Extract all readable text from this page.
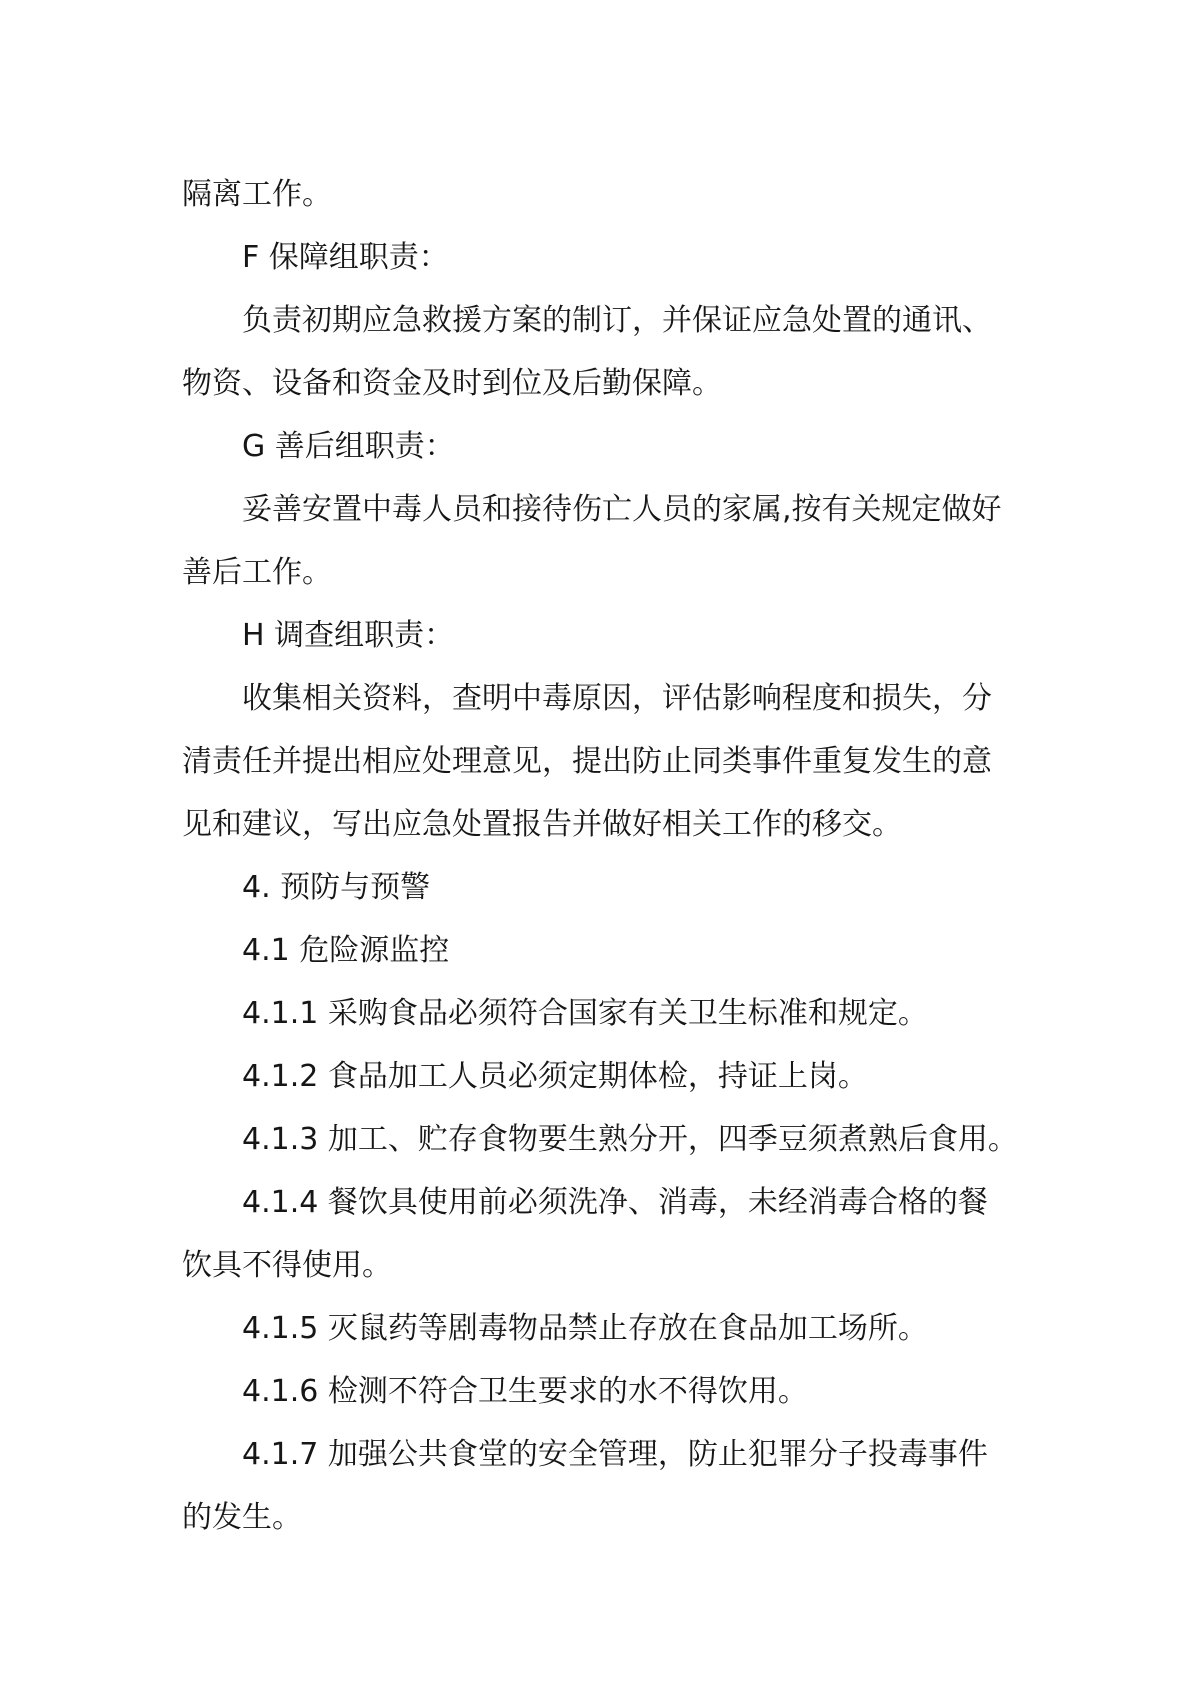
隔离工作。
F 保障组职责：
负责初期应急救援方案的制订，并保证应急处置的通讯、
物资、设备和资金及时到位及后勤保障。
G 善后组职责：
妥善安置中毒人员和接待伤亡人员的家属,按有关规定做好
善后工作。
H 调查组职责：
收集相关资料，查明中毒原因，评估影响程度和损失，分
清责任并提出相应处理意见，提出防止同类事件重复发生的意
见和建议，写出应急处置报告并做好相关工作的移交。
4. 预防与预警
4.1 危险源监控
4.1.1 采购食品必须符合国家有关卫生标准和规定。
4.1.2 食品加工人员必须定期体检，持证上岗。
4.1.3 加工、贮存食物要生熟分开，四季豆须煮熟后食用。
4.1.4 餐饮具使用前必须洗净、消毒，未经消毒合格的餐
饮具不得使用。
4.1.5 灭鼠药等剧毒物品禁止存放在食品加工场所。
4.1.6 检测不符合卫生要求的水不得饮用。
4.1.7 加强公共食堂的安全管理，防止犯罪分子投毒事件
的发生。
